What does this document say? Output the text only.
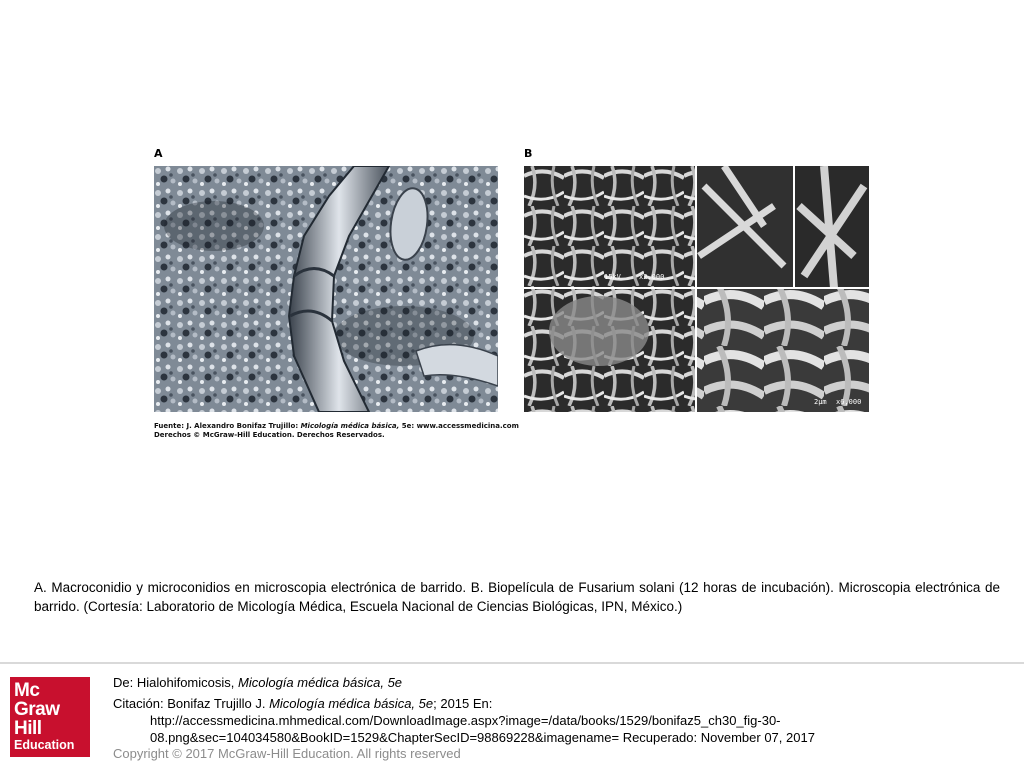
A	B
15kV	x2,000
2µm x6,000
Fuente: J. Alexandro Bonifaz Trujillo: Micología médica básica, 5e: www.accessmedicina.com
Derechos © McGraw-Hill Education. Derechos Reservados.
A. Macroconidio y microconidios en microscopia electrónica de barrido. B. Biopelícula de Fusarium solani (12 horas de incubación). Microscopia electrónica de barrido. (Cortesía: Laboratorio de Micología Médica, Escuela Nacional de Ciencias Biológicas, IPN, México.)
Mc
Graw
Hill
Education
De: Hialohifomicosis, Micología médica básica, 5e
Citación: Bonifaz Trujillo J. Micología médica básica, 5e; 2015 En:
http://accessmedicina.mhmedical.com/DownloadImage.aspx?image=/data/books/1529/bonifaz5_ch30_fig-30-
08.png&sec=104034580&BookID=1529&ChapterSecID=98869228&imagename= Recuperado: November 07, 2017
Copyright © 2017 McGraw-Hill Education. All rights reserved
